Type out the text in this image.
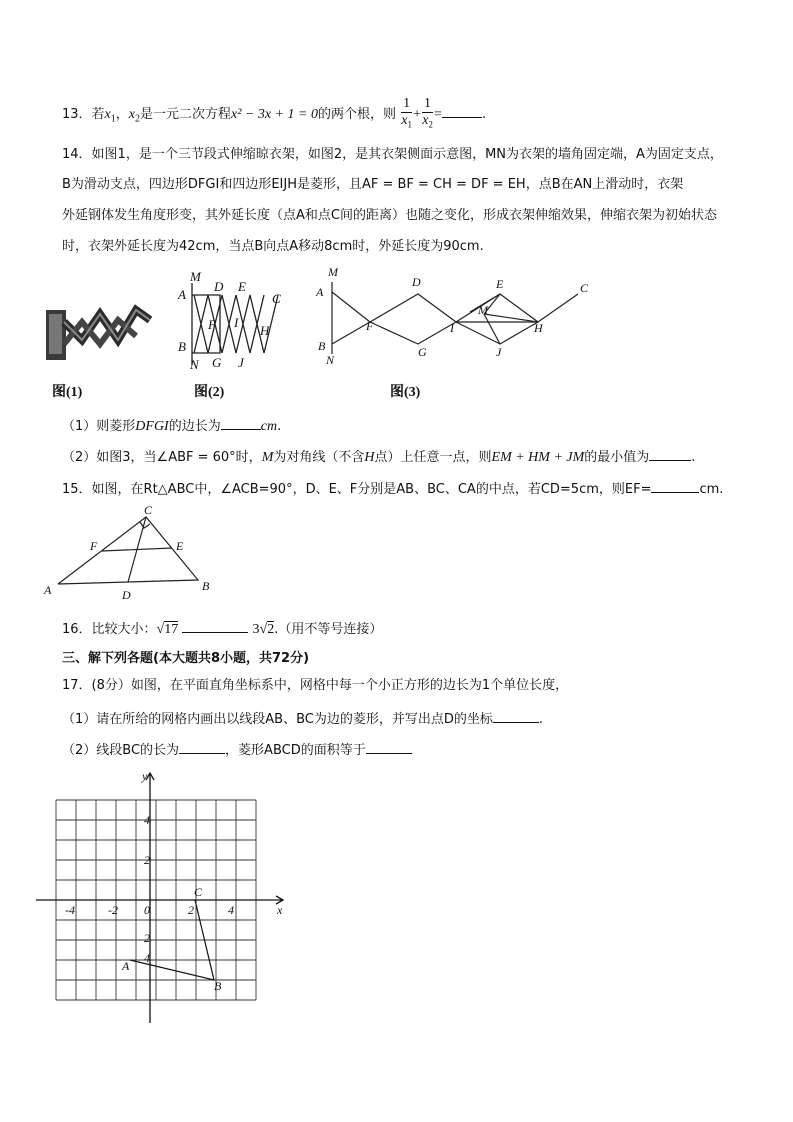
13．若$x_1$，$x_2$是一元二次方程x² − 3x + 1 = 0的两个根，则 $\frac{1}{x_1} + \frac{1}{x_2}$ =	.
14．如图1，是一个三节段式伸缩晾衣架，如图2，是其衣架侧面示意图，MN为衣架的墙角固定端，A为固定支点，
B为滑动支点，四边形DFGI和四边形EIJH是菱形，且AF = BF = CH = DF = EH，点B在AN上滑动时，衣架
外延钢体发生角度形变，其外延长度（点A和点C间的距离）也随之变化，形成衣架伸缩效果，伸缩衣架为初始状态
时，衣架外延长度为42cm，当点B向点A移动8cm时，外延长度为90cm.
图(1)
M
A
B
N
D E
F I
H
C
G J
图(2)
M
A
B
N
D	E
F	I
M
H
C
G	J
图(3)
（1）则菱形DFGI的边长为	cm.
（2）如图3，当∠ABF = 60°时，M为对角线（不含H点）上任意一点，则EM + HM + JM的最小值为	.
15．如图，在Rt△ABC中，∠ACB=90°，D、E、F分别是AB、BC、CA的中点，若CD=5cm，则EF=	cm.
A	B
C
D
E
F
16．比较大小：√17	3√2.（用不等号连接）
三、解下列各题(本大题共8小题，共72分)
17．(8分）如图，在平面直角坐标系中，网格中每一个小正方形的边长为1个单位长度，
（1）请在所给的网格内画出以线段AB、BC为边的菱形，并写出点D的坐标	.
（2）线段BC的长为	，菱形ABCD的面积等于
y
x
-4	-2 0	2	4
4
2
2
4
A
B
C
